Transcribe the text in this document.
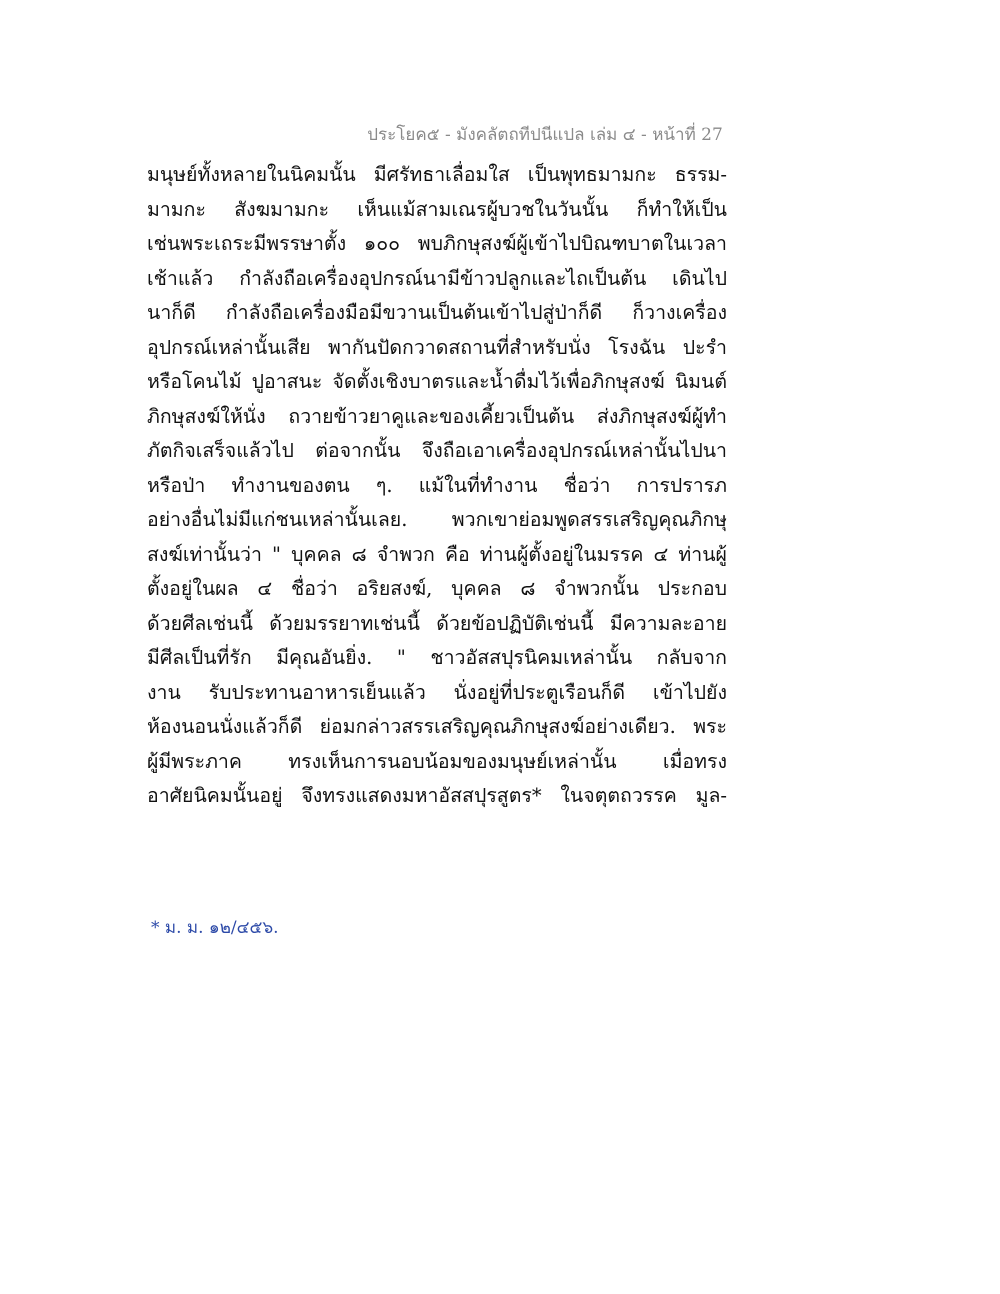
ประโยค๕ - มังคลัตถทีปนีแปล เล่ม ๔ - หน้าที่ 27
มนุษย์ทั้งหลายในนิคมนั้น มีศรัทธาเลื่อมใส เป็นพุทธมามกะ ธรรม-
มามกะ สังฆมามกะ เห็นแม้สามเณรผู้บวชในวันนั้น ก็ทำให้เป็น
เช่นพระเถระมีพรรษาตั้ง ๑๐๐ พบภิกษุสงฆ์ผู้เข้าไปบิณฑบาตในเวลา
เช้าแล้ว กำลังถือเครื่องอุปกรณ์นามีข้าวปลูกและไถเป็นต้น เดินไป
นาก็ดี กำลังถือเครื่องมือมีขวานเป็นต้นเข้าไปสู่ป่าก็ดี ก็วางเครื่อง
อุปกรณ์เหล่านั้นเสีย พากันปัดกวาดสถานที่สำหรับนั่ง โรงฉัน ปะรำ
หรือโคนไม้ ปูอาสนะ จัดตั้งเชิงบาตรและน้ำดื่มไว้เพื่อภิกษุสงฆ์ นิมนต์
ภิกษุสงฆ์ให้นั่ง ถวายข้าวยาคูและของเคี้ยวเป็นต้น ส่งภิกษุสงฆ์ผู้ทำ
ภัตกิจเสร็จแล้วไป ต่อจากนั้น จึงถือเอาเครื่องอุปกรณ์เหล่านั้นไปนา
หรือป่า ทำงานของตน ๆ. แม้ในที่ทำงาน ชื่อว่า การปรารภ
อย่างอื่นไม่มีแก่ชนเหล่านั้นเลย. พวกเขาย่อมพูดสรรเสริญคุณภิกษุ
สงฆ์เท่านั้นว่า " บุคคล ๘ จำพวก คือ ท่านผู้ตั้งอยู่ในมรรค ๔ ท่านผู้
ตั้งอยู่ในผล ๔ ชื่อว่า อริยสงฆ์, บุคคล ๘ จำพวกนั้น ประกอบ
ด้วยศีลเช่นนี้ ด้วยมรรยาทเช่นนี้ ด้วยข้อปฏิบัติเช่นนี้ มีความละอาย
มีศีลเป็นที่รัก มีคุณอันยิ่ง. " ชาวอัสสปุรนิคมเหล่านั้น กลับจาก
งาน รับประทานอาหารเย็นแล้ว นั่งอยู่ที่ประตูเรือนก็ดี เข้าไปยัง
ห้องนอนนั่งแล้วก็ดี ย่อมกล่าวสรรเสริญคุณภิกษุสงฆ์อย่างเดียว. พระ
ผู้มีพระภาค ทรงเห็นการนอบน้อมของมนุษย์เหล่านั้น เมื่อทรง
อาศัยนิคมนั้นอยู่ จึงทรงแสดงมหาอัสสปุรสูตร* ในจตุตถวรรค มูล-
* ม. ม. ๑๒/๔๕๖.
